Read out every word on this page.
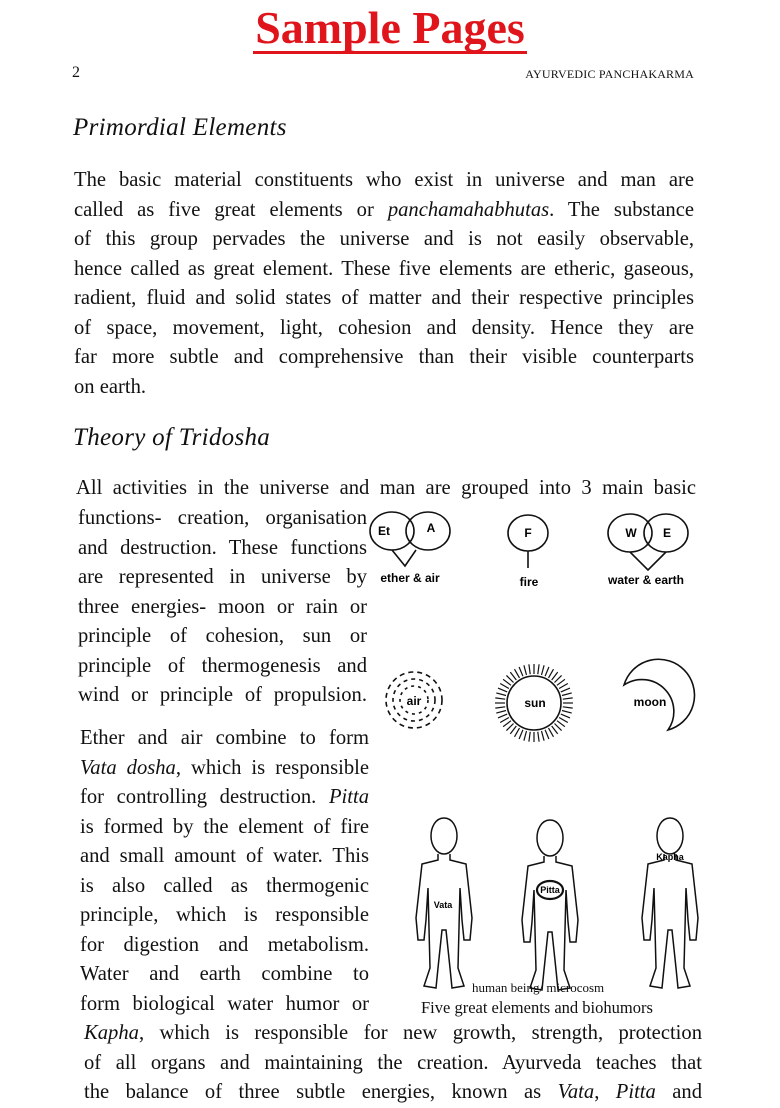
Sample Pages
2	AYURVEDIC PANCHAKARMA
Primordial Elements
The basic material constituents who exist in universe and man are
called as five great elements or panchamahabhutas. The substance
of this group pervades the universe and is not easily observable,
hence called as great element. These five elements are etheric, gaseous,
radient, fluid and solid states of matter and their respective principles
of space, movement, light, cohesion and density. Hence they are
far more subtle and comprehensive than their visible counterparts
on earth.
Theory of Tridosha
All activities in the universe and man are grouped into 3 main basic
functions- creation, organisation
and destruction. These functions
are represented in universe by
three energies- moon or rain or
principle of cohesion, sun or
principle of thermogenesis and
wind or principle of propulsion.
Ether and air combine to form
Vata dosha, which is responsible
for controlling destruction. Pitta
is formed by the element of fire
and small amount of water. This
is also called as thermogenic
principle, which is responsible
for digestion and metabolism.
Water and earth combine to
form biological water humor or
Kapha, which is responsible for new growth, strength, protection
of all organs and maintaining the creation. Ayurveda teaches that
the balance of three subtle energies, known as Vata, Pitta and
Et	A
ether & air
F
fire
W E
water & earth
air	sun	moon
Vata
Pitta
Kapha
human being/ microcosm
Five great elements and biohumors
